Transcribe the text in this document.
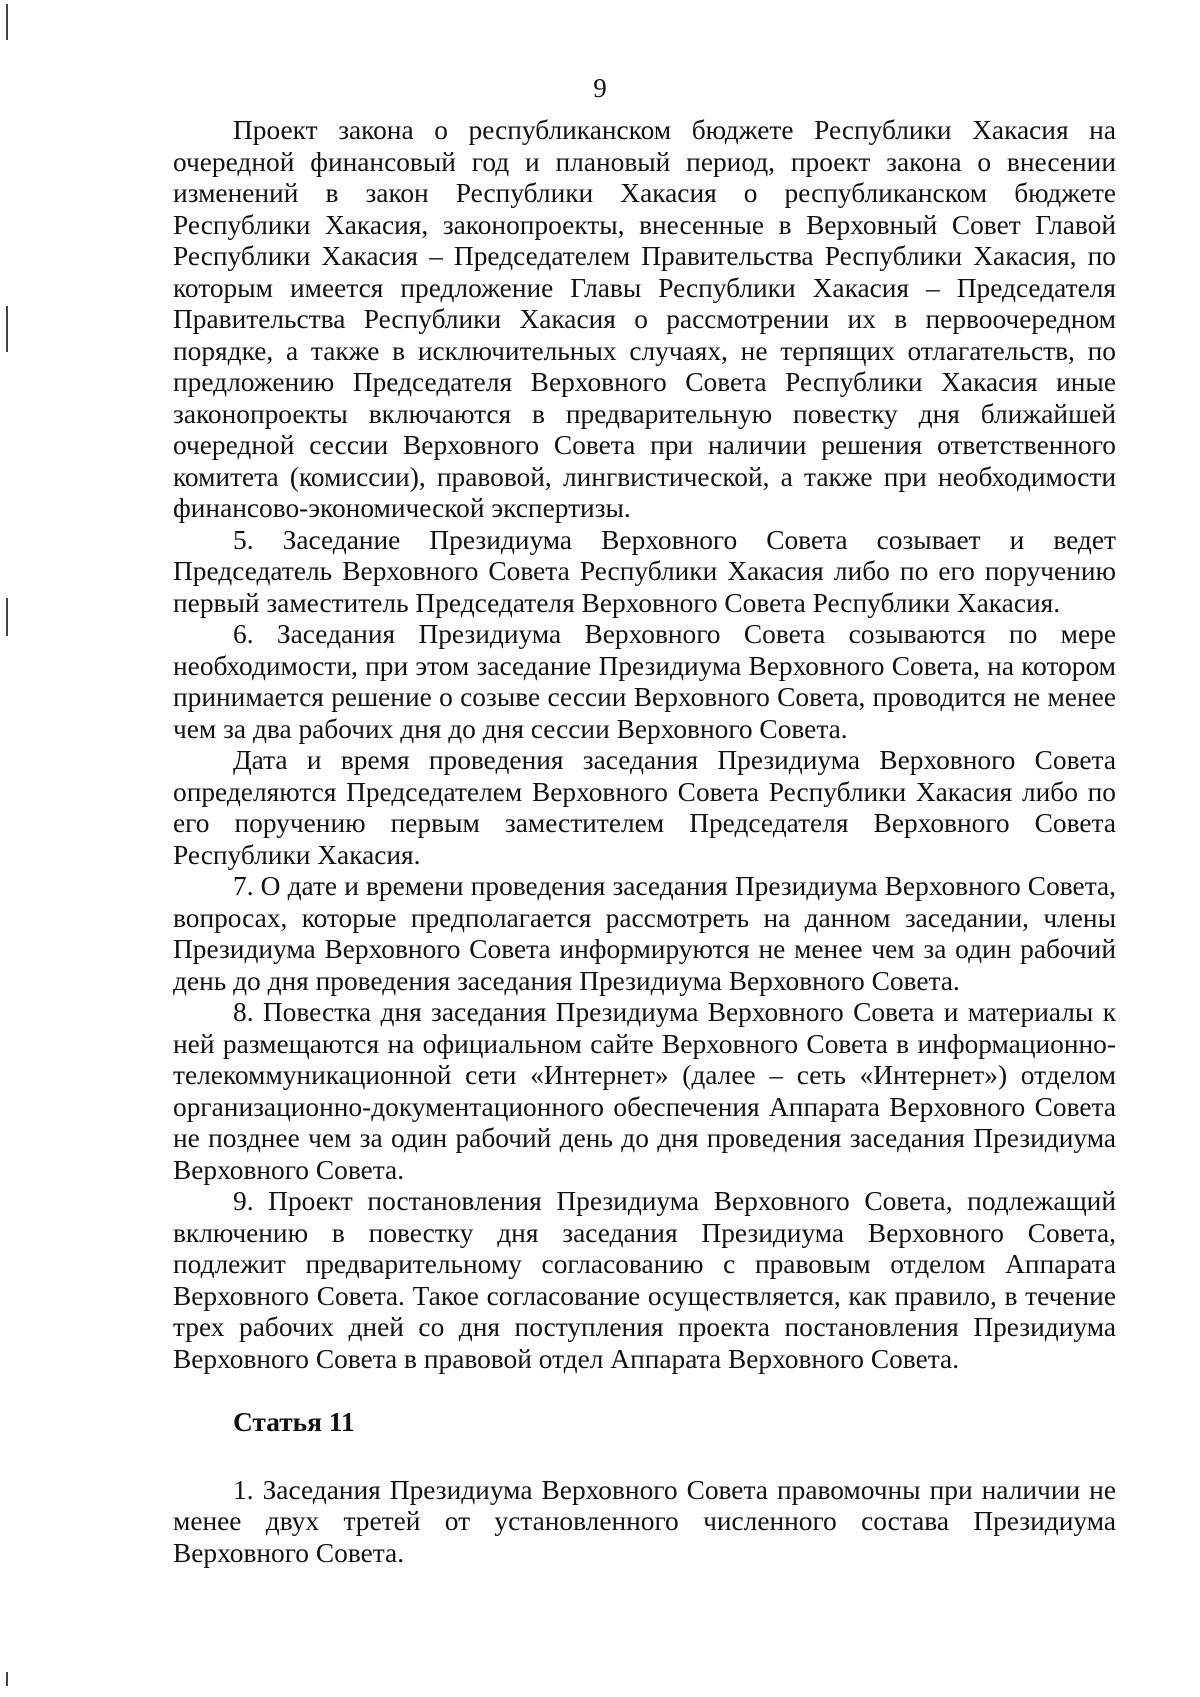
9

Проект закона о республиканском бюджете Республики Хакасия на очередной финансовый год и плановый период, проект закона о внесении изменений в закон Республики Хакасия о республиканском бюджете Республики Хакасия, законопроекты, внесенные в Верховный Совет Главой Республики Хакасия – Председателем Правительства Республики Хакасия, по которым имеется предложение Главы Республики Хакасия – Председателя Правительства Республики Хакасия о рассмотрении их в первоочередном порядке, а также в исключительных случаях, не терпящих отлагательств, по предложению Председателя Верховного Совета Республики Хакасия иные законопроекты включаются в предварительную повестку дня ближайшей очередной сессии Верховного Совета при наличии решения ответственного комитета (комиссии), правовой, лингвистической, а также при необходимости финансово-экономической экспертизы.

5. Заседание Президиума Верховного Совета созывает и ведет Председатель Верховного Совета Республики Хакасия либо по его поручению первый заместитель Председателя Верховного Совета Республики Хакасия.

6. Заседания Президиума Верховного Совета созываются по мере необходимости, при этом заседание Президиума Верховного Совета, на котором принимается решение о созыве сессии Верховного Совета, проводится не менее чем за два рабочих дня до дня сессии Верховного Совета.

Дата и время проведения заседания Президиума Верховного Совета определяются Председателем Верховного Совета Республики Хакасия либо по его поручению первым заместителем Председателя Верховного Совета Республики Хакасия.

7. О дате и времени проведения заседания Президиума Верховного Совета, вопросах, которые предполагается рассмотреть на данном заседании, члены Президиума Верховного Совета информируются не менее чем за один рабочий день до дня проведения заседания Президиума Верховного Совета.

8. Повестка дня заседания Президиума Верховного Совета и материалы к ней размещаются на официальном сайте Верховного Совета в информационно-телекоммуникационной сети «Интернет» (далее – сеть «Интернет») отделом организационно-документационного обеспечения Аппарата Верховного Совета не позднее чем за один рабочий день до дня проведения заседания Президиума Верховного Совета.

9. Проект постановления Президиума Верховного Совета, подлежащий включению в повестку дня заседания Президиума Верховного Совета, подлежит предварительному согласованию с правовым отделом Аппарата Верховного Совета. Такое согласование осуществляется, как правило, в течение трех рабочих дней со дня поступления проекта постановления Президиума Верховного Совета в правовой отдел Аппарата Верховного Совета.

Статья 11

1. Заседания Президиума Верховного Совета правомочны при наличии не менее двух третей от установленного численного состава Президиума Верховного Совета.
